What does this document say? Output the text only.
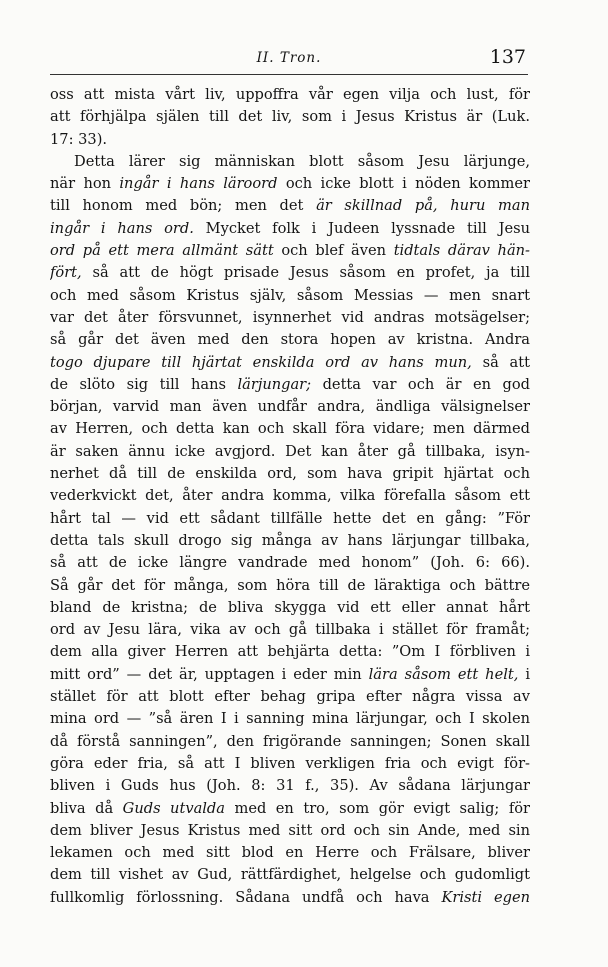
II. Tron.	137
oss att mista vårt liv, uppoffra vår egen vilja och lust, för
att förhjälpa själen till det liv, som i Jesus Kristus är (Luk.
17: 33).
Detta lärer sig människan blott såsom Jesu lärjunge,
när hon ingår i hans läroord och icke blott i nöden kommer
till honom med bön; men det är skillnad på, huru man
ingår i hans ord. Mycket folk i Judeen lyssnade till Jesu
ord på ett mera allmänt sätt och blef även tidtals därav hän-
fört, så att de högt prisade Jesus såsom en profet, ja till
och med såsom Kristus själv, såsom Messias — men snart
var det åter försvunnet, isynnerhet vid andras motsägelser;
så går det även med den stora hopen av kristna. Andra
togo djupare till hjärtat enskilda ord av hans mun, så att
de slöto sig till hans lärjungar; detta var och är en god
början, varvid man även undfår andra, ändliga välsignelser
av Herren, och detta kan och skall föra vidare; men därmed
är saken ännu icke avgjord. Det kan åter gå tillbaka, isyn-
nerhet då till de enskilda ord, som hava gripit hjärtat och
vederkvickt det, åter andra komma, vilka förefalla såsom ett
hårt tal — vid ett sådant tillfälle hette det en gång: ”För
detta tals skull drogo sig många av hans lärjungar tillbaka,
så att de icke längre vandrade med honom” (Joh. 6: 66).
Så går det för många, som höra till de läraktiga och bättre
bland de kristna; de bliva skygga vid ett eller annat hårt
ord av Jesu lära, vika av och gå tillbaka i stället för framåt;
dem alla giver Herren att behjärta detta: ”Om I förbliven i
mitt ord” — det är, upptagen i eder min lära såsom ett helt, i
stället för att blott efter behag gripa efter några vissa av
mina ord — ”så ären I i sanning mina lärjungar, och I skolen
då förstå sanningen”, den frigörande sanningen; Sonen skall
göra eder fria, så att I bliven verkligen fria och evigt för-
bliven i Guds hus (Joh. 8: 31 f., 35). Av sådana lärjungar
bliva då Guds utvalda med en tro, som gör evigt salig; för
dem bliver Jesus Kristus med sitt ord och sin Ande, med sin
lekamen och med sitt blod en Herre och Frälsare, bliver
dem till vishet av Gud, rättfärdighet, helgelse och gudomligt
fullkomlig förlossning. Sådana undfå och hava Kristi egen
